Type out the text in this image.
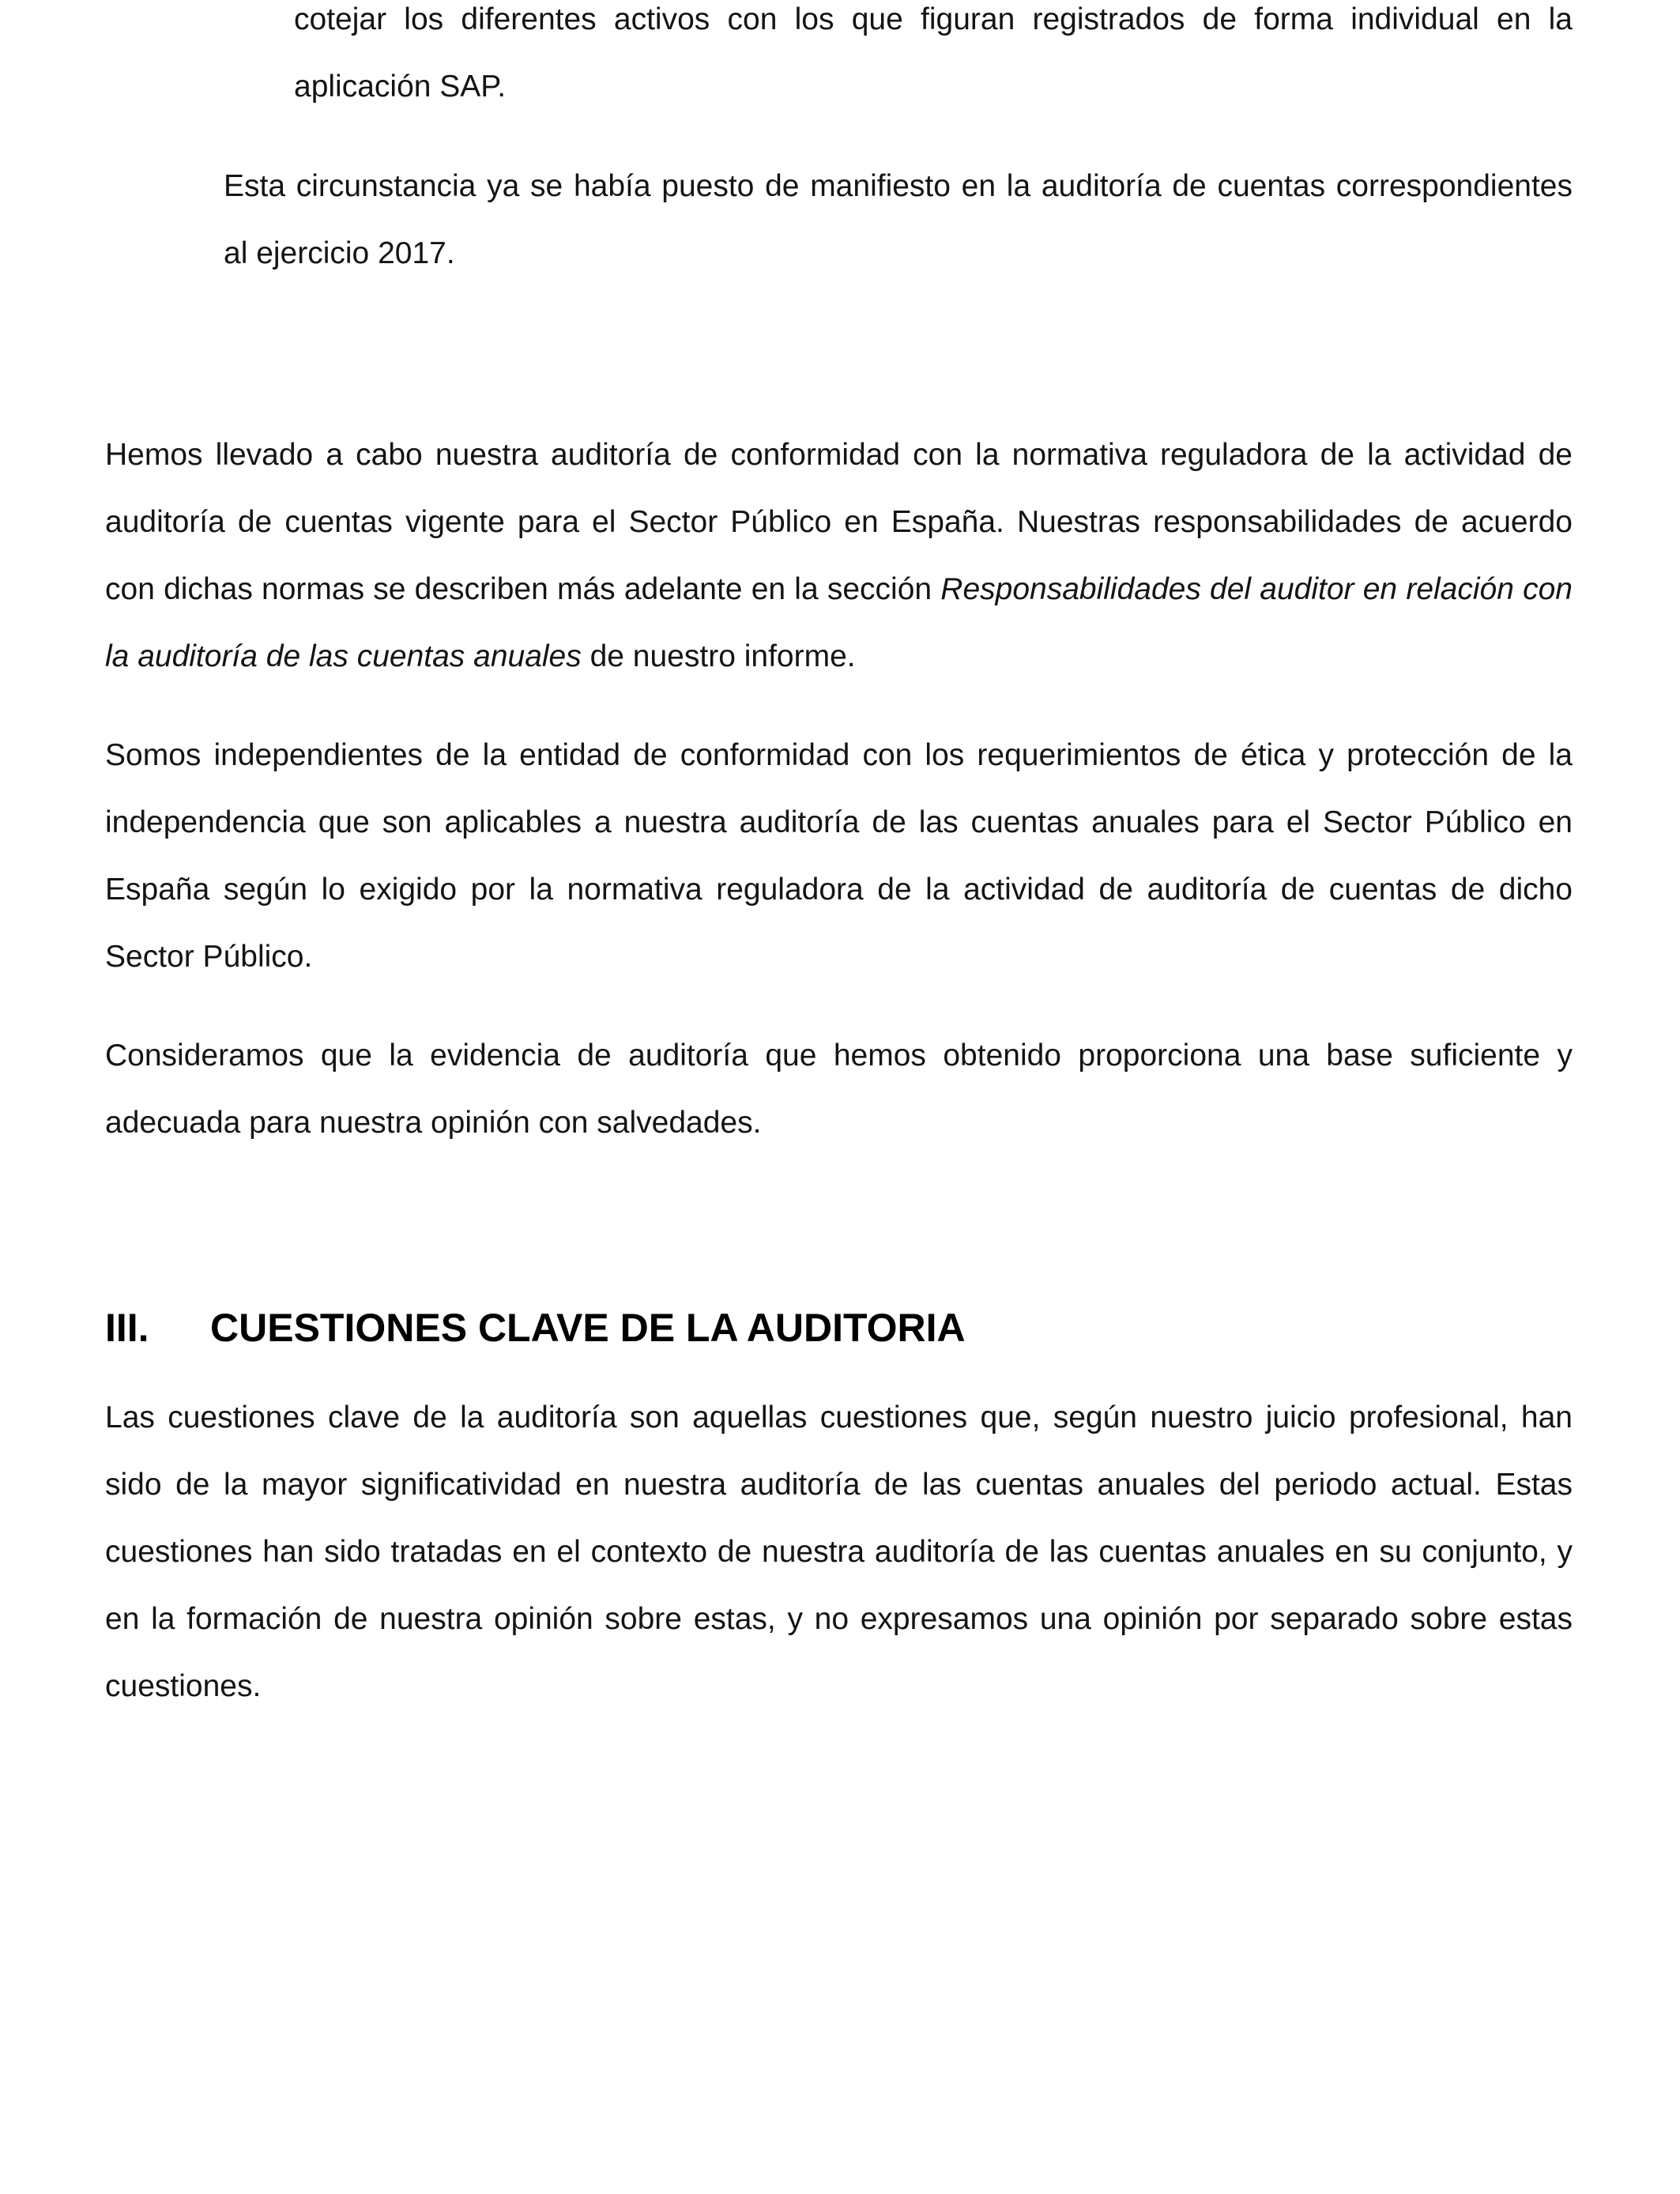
cotejar los diferentes activos con los que figuran registrados de forma individual en la aplicación SAP.

Esta circunstancia ya se había puesto de manifiesto en la auditoría de cuentas correspondientes al ejercicio 2017.

Hemos llevado a cabo nuestra auditoría de conformidad con la normativa reguladora de la actividad de auditoría de cuentas vigente para el Sector Público en España. Nuestras responsabilidades de acuerdo con dichas normas se describen más adelante en la sección Responsabilidades del auditor en relación con la auditoría de las cuentas anuales de nuestro informe.

Somos independientes de la entidad de conformidad con los requerimientos de ética y protección de la independencia que son aplicables a nuestra auditoría de las cuentas anuales para el Sector Público en España según lo exigido por la normativa reguladora de la actividad de auditoría de cuentas de dicho Sector Público.

Consideramos que la evidencia de auditoría que hemos obtenido proporciona una base suficiente y adecuada para nuestra opinión con salvedades.

III.	CUESTIONES CLAVE DE LA AUDITORIA

Las cuestiones clave de la auditoría son aquellas cuestiones que, según nuestro juicio profesional, han sido de la mayor significatividad en nuestra auditoría de las cuentas anuales del periodo actual. Estas cuestiones han sido tratadas en el contexto de nuestra auditoría de las cuentas anuales en su conjunto, y en la formación de nuestra opinión sobre estas, y no expresamos una opinión por separado sobre estas cuestiones.
